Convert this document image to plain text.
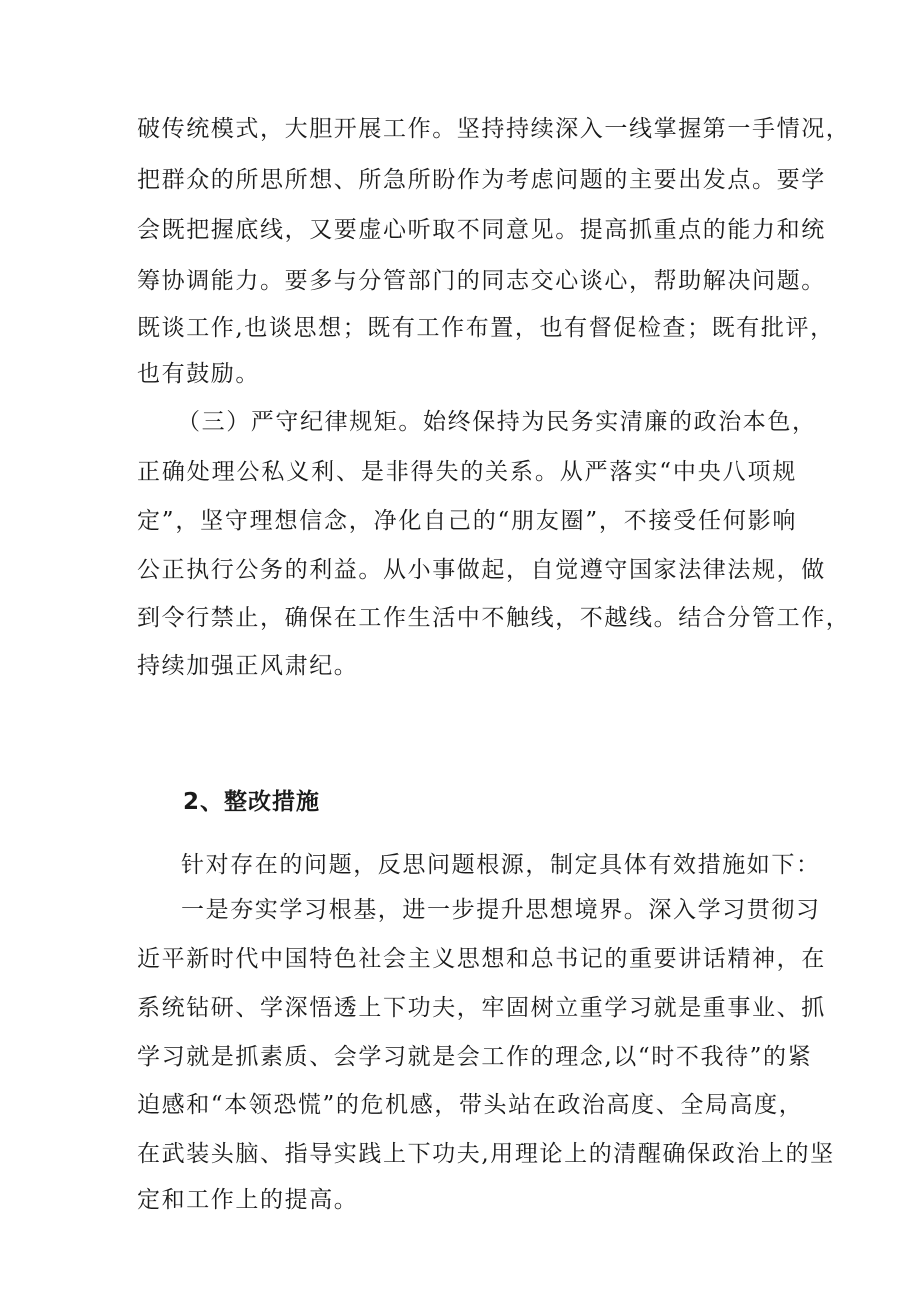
破传统模式，大胆开展工作。坚持持续深入一线掌握第一手情况，
把群众的所思所想、所急所盼作为考虑问题的主要出发点。要学
会既把握底线，又要虚心听取不同意见。提高抓重点的能力和统
筹协调能力。要多与分管部门的同志交心谈心，帮助解决问题。
既谈工作,也谈思想；既有工作布置，也有督促检查；既有批评，
也有鼓励。
（三）严守纪律规矩。始终保持为民务实清廉的政治本色，
正确处理公私义利、是非得失的关系。从严落实“中央八项规
定”，坚守理想信念，净化自己的“朋友圈”，不接受任何影响
公正执行公务的利益。从小事做起，自觉遵守国家法律法规，做
到令行禁止，确保在工作生活中不触线，不越线。结合分管工作，
持续加强正风肃纪。
2、整改措施
针对存在的问题，反思问题根源，制定具体有效措施如下：
一是夯实学习根基，进一步提升思想境界。深入学习贯彻习
近平新时代中国特色社会主义思想和总书记的重要讲话精神，在
系统钻研、学深悟透上下功夫，牢固树立重学习就是重事业、抓
学习就是抓素质、会学习就是会工作的理念,以“时不我待”的紧
迫感和“本领恐慌”的危机感，带头站在政治高度、全局高度，
在武装头脑、指导实践上下功夫,用理论上的清醒确保政治上的坚
定和工作上的提高。
